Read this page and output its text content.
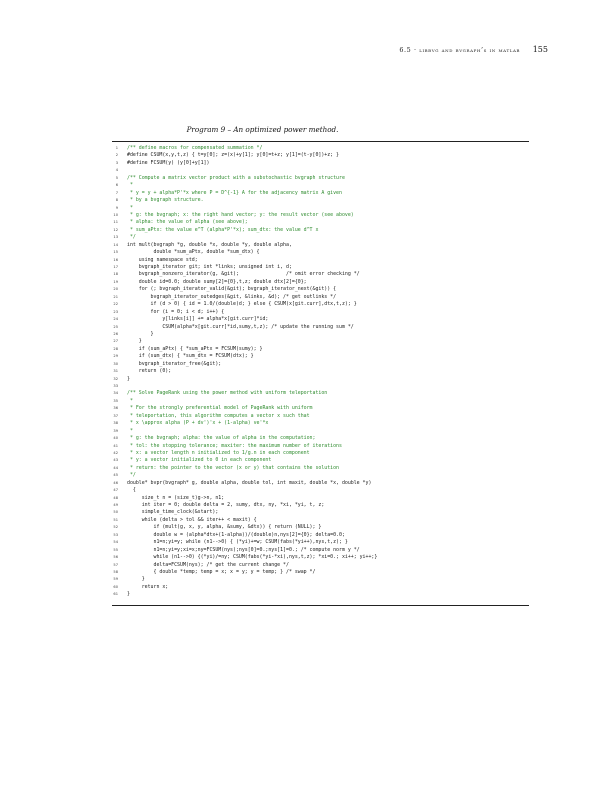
6.5 · libbvg and bvgraph’s in matlab 155
Program 9 – An optimized power method.
1 /** define macros for compensated summation */
2 #define CSUM(x,y,t,z) { t=y[0]; z=(x)+y[1]; y[0]=t+z; y[1]=(t-y[0])+z; }
3 #define FCSUM(y) (y[0]+y[1])
4
5 /** Compute a matrix vector product with a substochastic bvgraph structure
6 *
7 * y = y + alpha*P'*x where P = D^{-1} A for the adjacency matrix A given
8 * by a bvgraph structure.
9 *
10 * g: the bvgraph; x: the right hand vector; y: the result vector (see above)
11 * alpha: the value of alpha (see above);
12 * sum_aPtx: the value e^T (alpha*P'*x); sum_dtx: the value d^T x
13 */
14 int mult(bvgraph *g, double *x, double *y, double alpha,
15 double *sum_aPtx, double *sum_dtx) {
16 using namespace std;
17 bvgraph_iterator git; int *links; unsigned int i, d;
18 bvgraph_nonzero_iterator(g, &git);                /* omit error checking */
19 double id=0.0; double sumy[2]={0},t,z; double dtx[2]={0};
20 for (; bvgraph_iterator_valid(&git); bvgraph_iterator_next(&git)) {
21 bvgraph_iterator_outedges(&git, &links, &d); /* get outlinks */
22 if (d > 0) { id = 1.0/(double)d; } else { CSUM(x[git.curr],dtx,t,z); }
23 for (i = 0; i < d; i++) {
24 y[links[i]] += alpha*x[git.curr]*id;
25 CSUM(alpha*x[git.curr]*id,sumy,t,z); /* update the running sum */
26 }
27 }
28 if (sum_aPtx) { *sum_aPtx = FCSUM(sumy); }
29 if (sum_dtx) { *sum_dtx = FCSUM(dtx); }
30 bvgraph_iterator_free(&git);
31 return (0);
32 }
33
34 /** Solve PageRank using the power method with uniform teleportation
35 *
36 * For the strongly preferential model of PageRank with uniform
37 * teleportation, this algorithm computes a vector x such that
38 * x \approx alpha (P + dv')'x + (1-alpha) ve'*x
39 *
40 * g: the bvgraph; alpha: the value of alpha in the computation;
41 * tol: the stopping tolerance; maxiter: the maximum number of iterations
42 * x: a vector length n initialized to 1/g.n in each component
43 * y: a vector initialized to 0 in each component
44 * return: the pointer to the vector (x or y) that contains the solution
45 */
46 double* bvpr(bvgraph* g, double alpha, double tol, int maxit, double *x, double *y)
47 {
48 size_t n = (size_t)g->n, n1;
49 int iter = 0; double delta = 2, sumy, dtx, ny, *xi, *yi, t, z;
50 simple_time_clock(&start);
51 while (delta > tol && iter++ < maxit) {
52 if (mult(g, x, y, alpha, &sumy, &dtx)) { return (NULL); }
53 double w = (alpha*dtx+(1-alpha))/(double)n,nys[2]={0}; delta=0.0;
54 n1=n;yi=y; while (n1-->0) { (*yi)+=w; CSUM(fabs(*yi++),nys,t,z); }
55 n1=n;yi=y;xi=x;ny=FCSUM(nys);nys[0]=0.;nys[1]=0.; /* compute norm y */
56 while (n1-->0) {(*yi)/=ny; CSUM(fabs(*yi-*xi),nys,t,z); *xi=0.; xi++; yi++;}
57 delta=FCSUM(nys); /* get the current change */
58 { double *temp; temp = x; x = y; y = temp; } /* swap */
59 }
60 return x;
61 }
